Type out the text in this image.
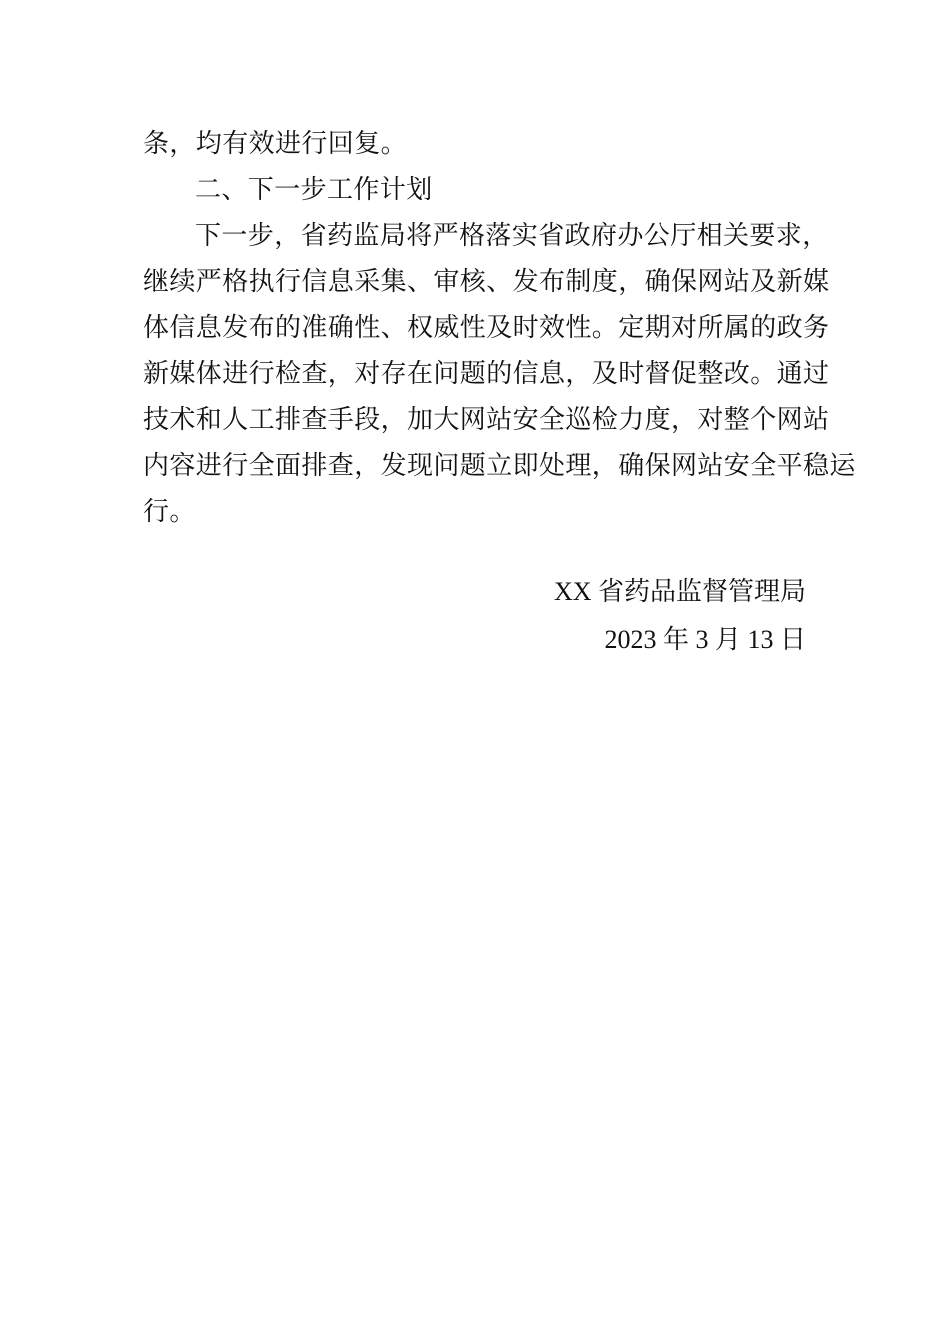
条，均有效进行回复。
二、下一步工作计划
下一步，省药监局将严格落实省政府办公厅相关要求，
继续严格执行信息采集、审核、发布制度，确保网站及新媒
体信息发布的准确性、权威性及时效性。定期对所属的政务
新媒体进行检查，对存在问题的信息，及时督促整改。通过
技术和人工排查手段，加大网站安全巡检力度，对整个网站
内容进行全面排查，发现问题立即处理，确保网站安全平稳运
行。
XX 省药品监督管理局
2023 年 3 月 13 日
